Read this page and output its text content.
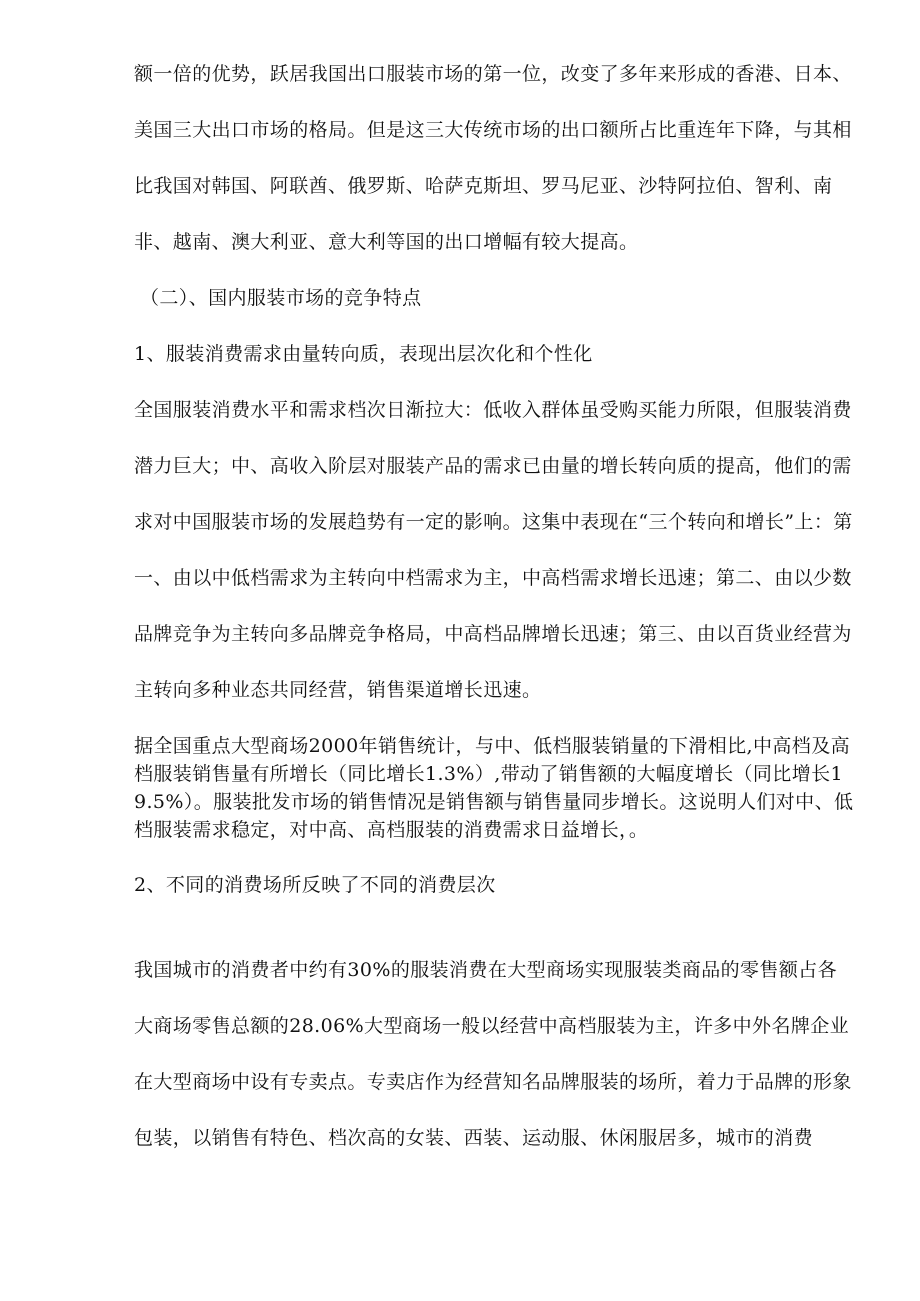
额一倍的优势，跃居我国出口服装市场的第一位，改变了多年来形成的香港、日本、美国三大出口市场的格局。但是这三大传统市场的出口额所占比重连年下降，与其相比我国对韩国、阿联酋、俄罗斯、哈萨克斯坦、罗马尼亚、沙特阿拉伯、智利、南非、越南、澳大利亚、意大利等国的出口增幅有较大提高。

（二）、国内服装市场的竞争特点

1、服装消费需求由量转向质，表现出层次化和个性化

全国服装消费水平和需求档次日渐拉大：低收入群体虽受购买能力所限，但服装消费潜力巨大；中、高收入阶层对服装产品的需求已由量的增长转向质的提高，他们的需求对中国服装市场的发展趋势有一定的影响。这集中表现在“三个转向和增长”上：第一、由以中低档需求为主转向中档需求为主，中高档需求增长迅速；第二、由以少数品牌竞争为主转向多品牌竞争格局，中高档品牌增长迅速；第三、由以百货业经营为主转向多种业态共同经营，销售渠道增长迅速。

据全国重点大型商场2000年销售统计，与中、低档服装销量的下滑相比,中高档及高档服装销售量有所增长（同比增长1.3%）,带动了销售额的大幅度增长（同比增长19.5%）。服装批发市场的销售情况是销售额与销售量同步增长。这说明人们对中、低档服装需求稳定，对中高、高档服装的消费需求日益增长，。

2、不同的消费场所反映了不同的消费层次

我国城市的消费者中约有30%的服装消费在大型商场实现服装类商品的零售额占各大商场零售总额的28.06%大型商场一般以经营中高档服装为主，许多中外名牌企业在大型商场中设有专卖点。专卖店作为经营知名品牌服装的场所，着力于品牌的形象包装，以销售有特色、档次高的女装、西装、运动服、休闲服居多，城市的消费
